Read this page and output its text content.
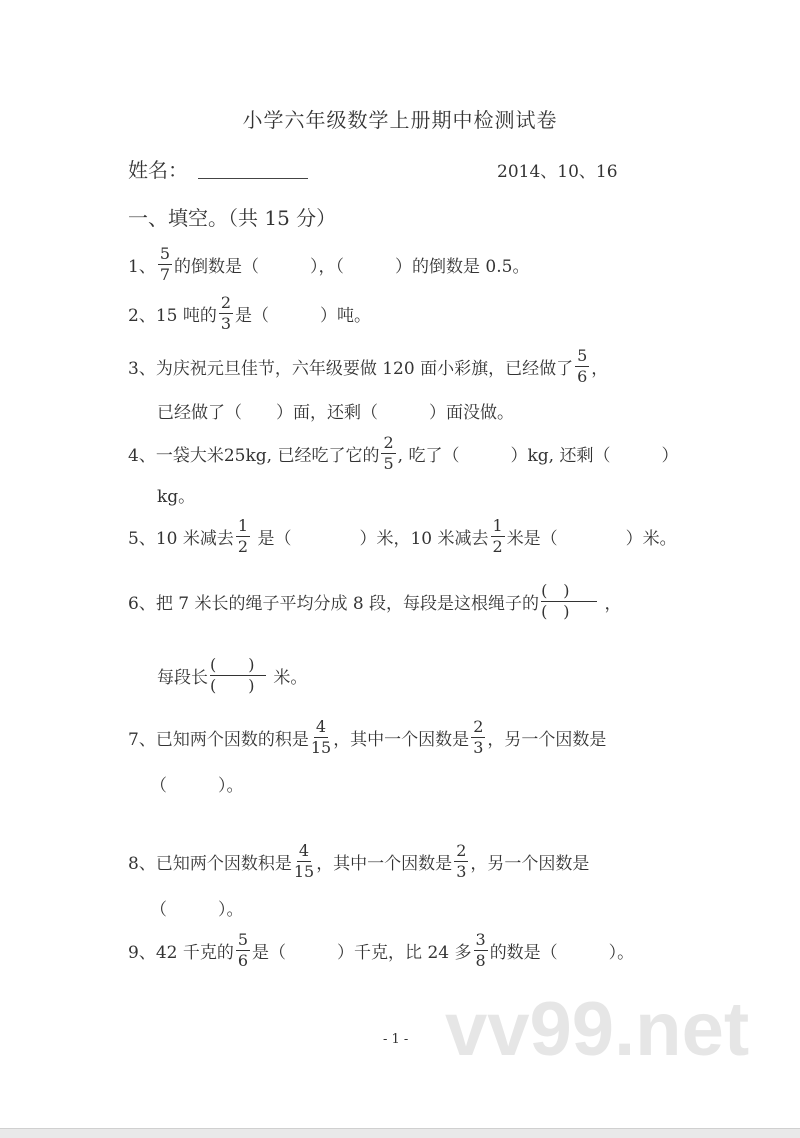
小学六年级数学上册期中检测试卷
姓名：	2014、10、16
一、填空。（共 15 分）
1、 $\frac{5}{7}$ 的倒数是（　　　），（　　　）的倒数是 0.5。
2、15 吨的 $\frac{2}{3}$ 是（　　　）吨。
3、为庆祝元旦佳节，六年级要做 120 面小彩旗，已经做了 $\frac{5}{6}$ ，
已经做了（　　）面，还剩（　　　）面没做。
4、一袋大米25kg, 已经吃了它的 $\frac{2}{5}$ , 吃了（　　　）kg, 还剩（　　　）
kg。
5、10 米减去 $\frac{1}{2}$ 是（　　　　）米，10 米减去 $\frac{1}{2}$ 米是（　　　　）米。
6、把 7 米长的绳子平均分成 8 段，每段是这根绳子的 $\frac{( )}{( )}$ ，
每段长 $\frac{( )}{( )}$ 米。
7、已知两个因数的积是 $\frac{4}{15}$ ，其中一个因数是 $\frac{2}{3}$ ，另一个因数是
（　　　）。
8、已知两个因数积是 $\frac{4}{15}$ ，其中一个因数是 $\frac{2}{3}$ ，另一个因数是
（　　　）。
9、42 千克的 $\frac{5}{6}$ 是（　　　）千克，比 24 多 $\frac{3}{8}$ 的数是（　　　）。
vv99.net
- 1 -
